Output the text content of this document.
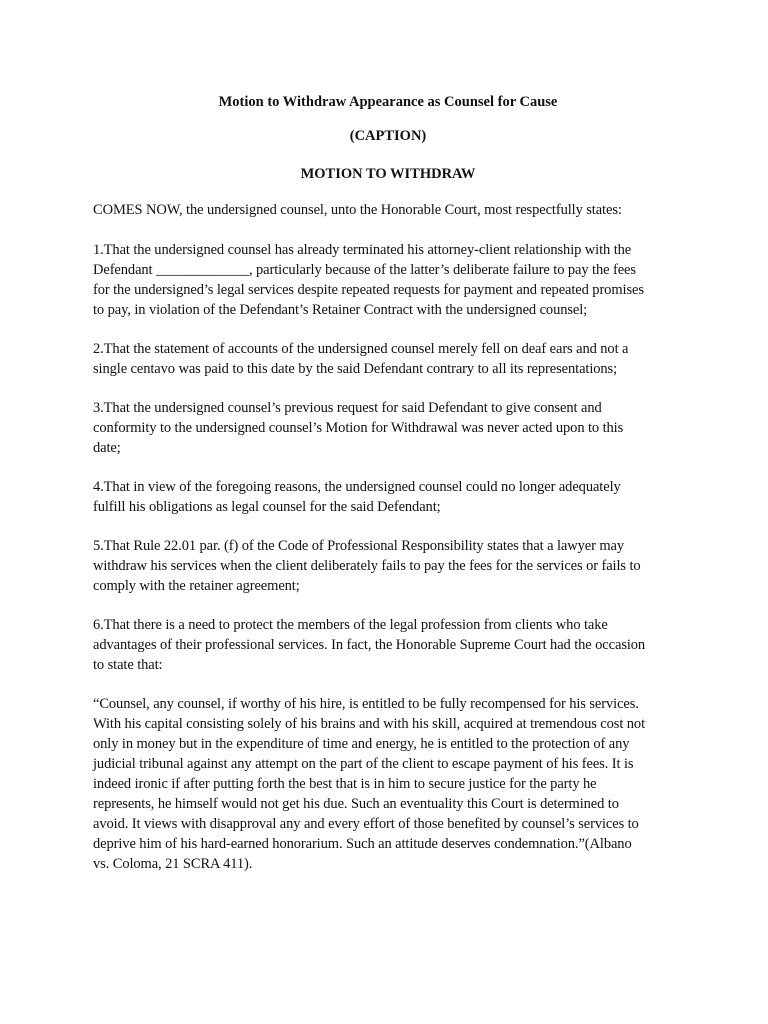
Motion to Withdraw Appearance as Counsel for Cause

(CAPTION)

MOTION TO WITHDRAW

COMES NOW, the undersigned counsel, unto the Honorable Court, most respectfully states:

1.That the undersigned counsel has already terminated his attorney-client relationship with the
Defendant _____________, particularly because of the latter’s deliberate failure to pay the fees
for the undersigned’s legal services despite repeated requests for payment and repeated promises
to pay, in violation of the Defendant’s Retainer Contract with the undersigned counsel;

2.That the statement of accounts of the undersigned counsel merely fell on deaf ears and not a
single centavo was paid to this date by the said Defendant contrary to all its representations;

3.That the undersigned counsel’s previous request for said Defendant to give consent and
conformity to the undersigned counsel’s Motion for Withdrawal was never acted upon to this
date;

4.That in view of the foregoing reasons, the undersigned counsel could no longer adequately
fulfill his obligations as legal counsel for the said Defendant;

5.That Rule 22.01 par. (f) of the Code of Professional Responsibility states that a lawyer may
withdraw his services when the client deliberately fails to pay the fees for the services or fails to
comply with the retainer agreement;

6.That there is a need to protect the members of the legal profession from clients who take
advantages of their professional services. In fact, the Honorable Supreme Court had the occasion
to state that:

“Counsel, any counsel, if worthy of his hire, is entitled to be fully recompensed for his services.
With his capital consisting solely of his brains and with his skill, acquired at tremendous cost not
only in money but in the expenditure of time and energy, he is entitled to the protection of any
judicial tribunal against any attempt on the part of the client to escape payment of his fees. It is
indeed ironic if after putting forth the best that is in him to secure justice for the party he
represents, he himself would not get his due. Such an eventuality this Court is determined to
avoid. It views with disapproval any and every effort of those benefited by counsel’s services to
deprive him of his hard-earned honorarium. Such an attitude deserves condemnation.”(Albano
vs. Coloma, 21 SCRA 411).
